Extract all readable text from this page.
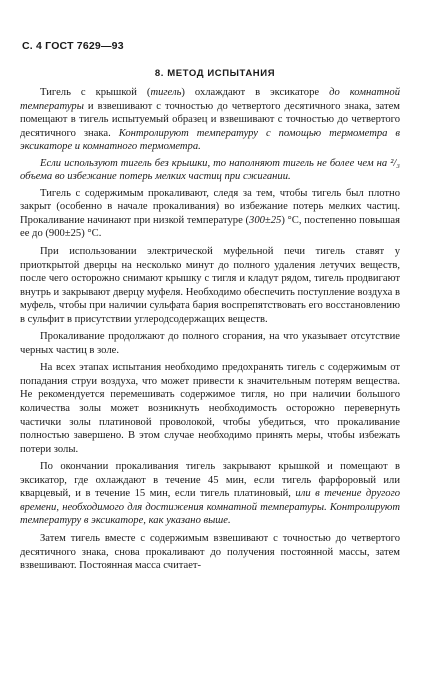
С. 4 ГОСТ 7629—93
8. МЕТОД ИСПЫТАНИЯ

Тигель с крышкой (тигель) охлаждают в эксикаторе до комнатной температуры и взвешивают с точностью до четвертого десятичного знака, затем помещают в тигель испытуемый образец и взвешивают с точностью до четвертого десятичного знака. Контролируют температуру с помощью термометра в эксикаторе и комнатного термометра.

Если используют тигель без крышки, то наполняют тигель не более чем на ²/₃ объема во избежание потерь мелких частиц при сжигании.

Тигель с содержимым прокаливают, следя за тем, чтобы тигель был плотно закрыт (особенно в начале прокаливания) во избежание потерь мелких частиц. Прокаливание начинают при низкой температуре (300±25) °С, постепенно повышая ее до (900±25) °С.

При использовании электрической муфельной печи тигель ставят у приоткрытой дверцы на несколько минут до полного удаления летучих веществ, после чего осторожно снимают крышку с тигля и кладут рядом, тигель продвигают внутрь и закрывают дверцу муфеля. Необходимо обеспечить поступление воздуха в муфель, чтобы при наличии сульфата бария воспрепятствовать его восстановлению в сульфит в присутствии углеродсодержащих веществ.

Прокаливание продолжают до полного сгорания, на что указывает отсутствие черных частиц в золе.

На всех этапах испытания необходимо предохранять тигель с содержимым от попадания струи воздуха, что может привести к значительным потерям вещества. Не рекомендуется перемешивать содержимое тигля, но при наличии большого количества золы может возникнуть необходимость осторожно перевернуть частички золы платиновой проволокой, чтобы убедиться, что прокаливание полностью завершено. В этом случае необходимо принять меры, чтобы избежать потери золы.

По окончании прокаливания тигель закрывают крышкой и помещают в эксикатор, где охлаждают в течение 45 мин, если тигель фарфоровый или кварцевый, и в течение 15 мин, если тигель платиновый, или в течение другого времени, необходимого для достижения комнатной температуры. Контролируют температуру в эксикаторе, как указано выше.

Затем тигель вместе с содержимым взвешивают с точностью до четвертого десятичного знака, снова прокаливают до получения постоянной массы, затем взвешивают. Постоянная масса считает-
